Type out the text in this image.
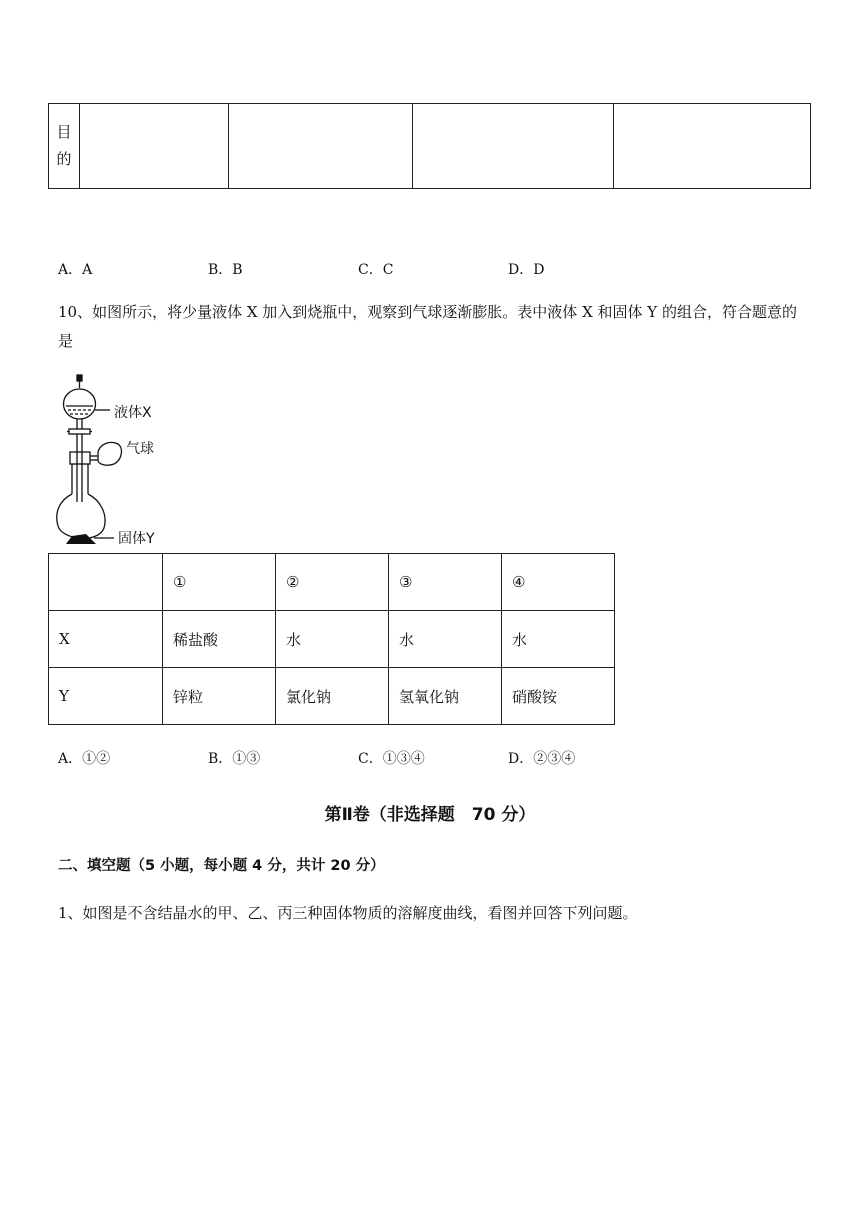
目
的

A．A	B．B	C．C	D．D
10、如图所示，将少量液体 X 加入到烧瓶中，观察到气球逐渐膨胀。表中液体 X 和固体 Y 的组合，符合题意的是
液体X
气球
固体Y
	①	②	③	④
X	稀盐酸	水	水	水
Y	锌粒	氯化钠	氢氧化钠	硝酸铵
A．①②	B．①③	C．①③④	D．②③④
第Ⅱ卷（非选择题　70 分）
二、填空题（5 小题，每小题 4 分，共计 20 分）
1、如图是不含结晶水的甲、乙、丙三种固体物质的溶解度曲线，看图并回答下列问题。
